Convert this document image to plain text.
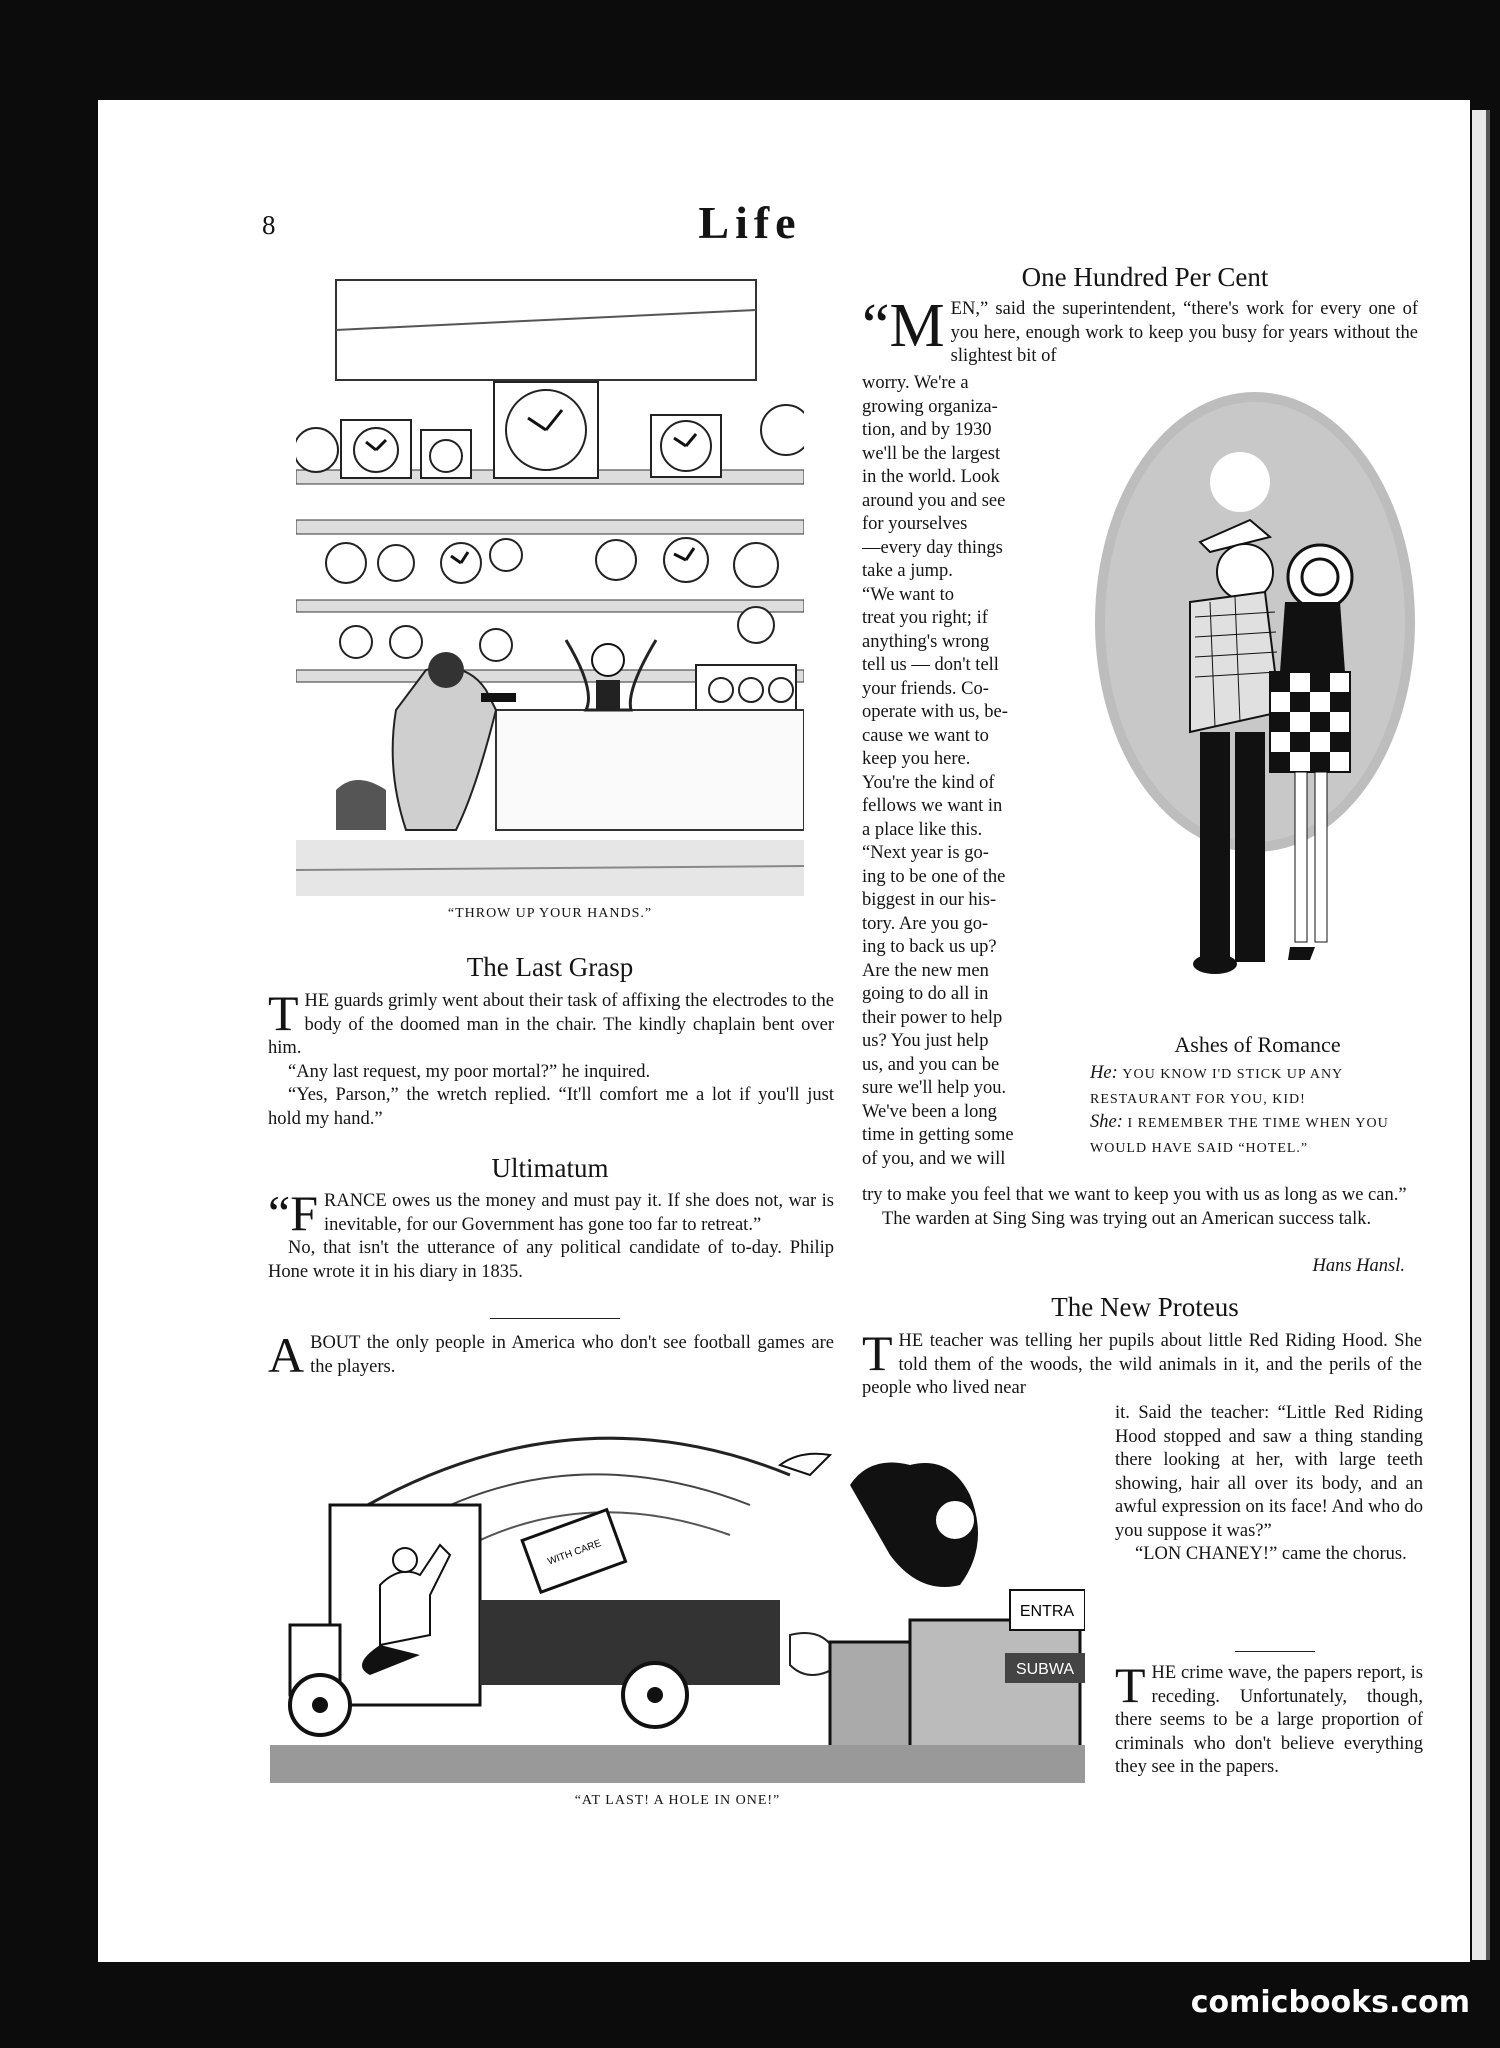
8	Life
“THROW UP YOUR HANDS.”
The Last Grasp

THE guards grimly went about their task of affixing the electrodes to the body of the doomed man in the chair. The kindly chaplain bent over him.

“Any last request, my poor mortal?” he inquired.

“Yes, Parson,” the wretch replied. “It'll comfort me a lot if you'll just hold my hand.”

Ultimatum

“FRANCE owes us the money and must pay it. If she does not, war is inevitable, for our Government has gone too far to retreat.”

No, that isn't the utterance of any political candidate of to-day. Philip Hone wrote it in his diary in 1835.

ABOUT the only people in America who don't see football games are the players.

WITH CARE
ENTRA
SUBWA
“AT LAST! A HOLE IN ONE!”
One Hundred Per Cent

“MEN,” said the superintendent, “there's work for every one of you here, enough work to keep you busy for years without the slightest bit of

worry. We're a
growing organiza-
tion, and by 1930
we'll be the largest
in the world. Look
around you and see
for yourselves
—every day things
take a jump.
“We want to
treat you right; if
anything's wrong
tell us — don't tell
your friends. Co-
operate with us, be-
cause we want to
keep you here.
You're the kind of
fellows we want in
a place like this.
“Next year is go-
ing to be one of the
biggest in our his-
tory. Are you go-
ing to back us up?
Are the new men
going to do all in
their power to help
us? You just help
us, and you can be
sure we'll help you.
We've been a long
time in getting some
of you, and we will

try to make you feel that we want to keep you with us as long as we can.”

The warden at Sing Sing was trying out an American success talk.

Hans Hansl.
Ashes of Romance

He: YOU KNOW I'D STICK UP ANY RESTAURANT FOR YOU, KID!

She: I REMEMBER THE TIME WHEN YOU WOULD HAVE SAID “HOTEL.”

The New Proteus

THE teacher was telling her pupils about little Red Riding Hood. She told them of the woods, the wild animals in it, and the perils of the people who lived near

it. Said the teacher: “Little Red Riding Hood stopped and saw a thing standing there looking at her, with large teeth showing, hair all over its body, and an awful expression on its face! And who do you suppose it was?”

“LON CHANEY!” came the chorus.

THE crime wave, the papers report, is receding. Unfortunately, though, there seems to be a large proportion of criminals who don't believe everything they see in the papers.

comicbooks.com
